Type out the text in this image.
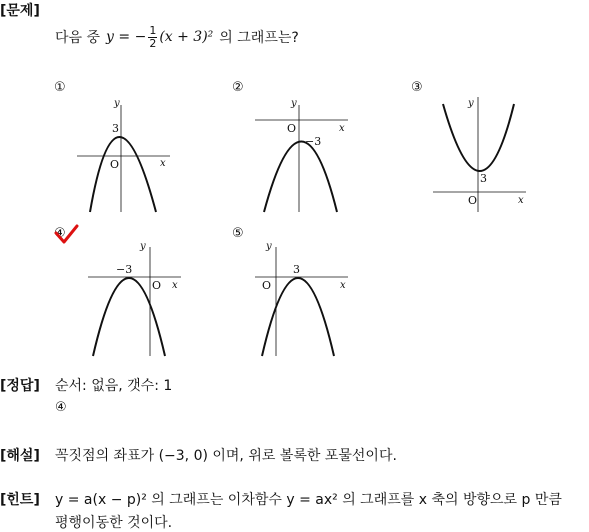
[문제]
다음 중 y = − 1
2 (x + 3)² 의 그래프는?
①	②	③
④	⑤
y
3
O	x
y
O
−3
x
y
3
O	x
y
−3
O x
y
O
3
x
[정답] 순서: 없음, 갯수: 1
④
[해설] 꼭짓점의 좌표가 (−3, 0) 이며, 위로 볼록한 포물선이다.
[힌트] y = a(x − p)² 의 그래프는 이차함수 y = ax² 의 그래프를 x 축의 방향으로 p 만큼
평행이동한 것이다.
